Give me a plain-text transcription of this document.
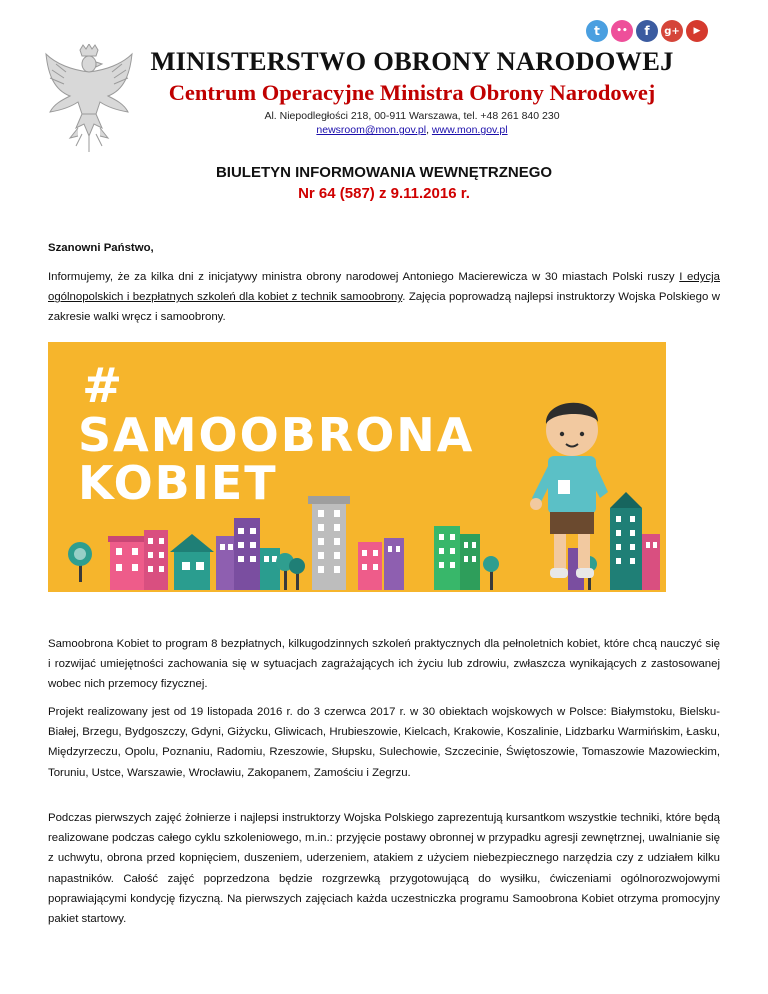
t	••	f	g+	▶
MINISTERSTWO OBRONY NARODOWEJ
Centrum Operacyjne Ministra Obrony Narodowej
Al. Niepodległości 218, 00-911 Warszawa, tel. +48 261 840 230
newsroom@mon.gov.pl, www.mon.gov.pl
BIULETYN INFORMOWANIA WEWNĘTRZNEGO
Nr 64 (587) z 9.11.2016 r.
Szanowni Państwo,
Informujemy, że za kilka dni z inicjatywy ministra obrony narodowej Antoniego Macierewicza w 30 miastach Polski ruszy I edycja ogólnopolskich i bezpłatnych szkoleń dla kobiet z technik samoobrony. Zajęcia poprowadzą najlepsi instruktorzy Wojska Polskiego w zakresie walki wręcz i samoobrony.
#
SAMOOBRONA
KOBIET
Samoobrona Kobiet to program 8 bezpłatnych, kilkugodzinnych szkoleń praktycznych dla pełnoletnich kobiet, które chcą nauczyć się i rozwijać umiejętności zachowania się w sytuacjach zagrażających ich życiu lub zdrowiu, zwłaszcza wynikających z zastosowanej wobec nich przemocy fizycznej.
Projekt realizowany jest od 19 listopada 2016 r. do 3 czerwca 2017 r. w 30 obiektach wojskowych w Polsce: Białymstoku, Bielsku-Białej, Brzegu, Bydgoszczy, Gdyni, Giżycku, Gliwicach, Hrubieszowie, Kielcach, Krakowie, Koszalinie, Lidzbarku Warmińskim, Łasku, Międzyrzeczu, Opolu, Poznaniu, Radomiu, Rzeszowie, Słupsku, Sulechowie, Szczecinie, Świętoszowie, Tomaszowie Mazowieckim, Toruniu, Ustce, Warszawie, Wrocławiu, Zakopanem, Zamościu i Zegrzu.
Podczas pierwszych zajęć żołnierze i najlepsi instruktorzy Wojska Polskiego zaprezentują kursantkom wszystkie techniki, które będą realizowane podczas całego cyklu szkoleniowego, m.in.: przyjęcie postawy obronnej w przypadku agresji zewnętrznej, uwalnianie się z uchwytu, obrona przed kopnięciem, duszeniem, uderzeniem, atakiem z użyciem niebezpiecznego narzędzia czy z udziałem kilku napastników. Całość zajęć poprzedzona będzie rozgrzewką przygotowującą do wysiłku, ćwiczeniami ogólnorozwojowymi poprawiającymi kondycję fizyczną. Na pierwszych zajęciach każda uczestniczka programu Samoobrona Kobiet otrzyma promocyjny pakiet startowy.
